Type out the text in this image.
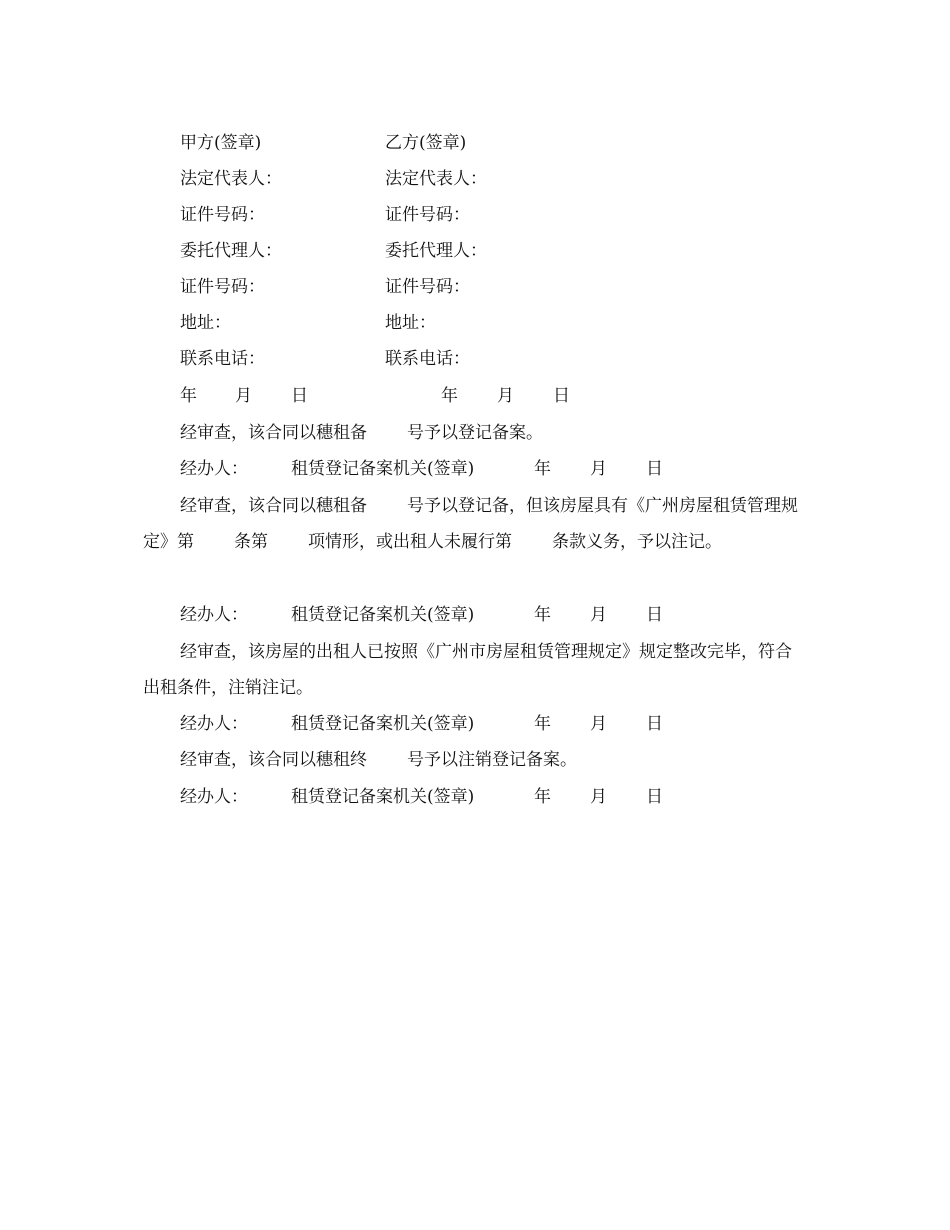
甲方(签章)	乙方(签章)
法定代表人：	法定代表人：
证件号码：	证件号码：
委托代理人：	委托代理人：
证件号码：	证件号码：
地址：	地址：
联系电话：	联系电话：
年 月 日	年 月 日
经审查，该合同以穗租备 号予以登记备案。
经办人：	租赁登记备案机关(签章)	年 月 日
经审查，该合同以穗租备 号予以登记备，但该房屋具有《广州房屋租赁管理规定》第 条第 项情形，或出租人未履行第 条款义务，予以注记。
经办人：	租赁登记备案机关(签章)	年 月 日
经审查，该房屋的出租人已按照《广州市房屋租赁管理规定》规定整改完毕，符合出租条件，注销注记。
经办人：	租赁登记备案机关(签章)	年 月 日
经审查，该合同以穗租终 号予以注销登记备案。
经办人：	租赁登记备案机关(签章)	年 月 日
